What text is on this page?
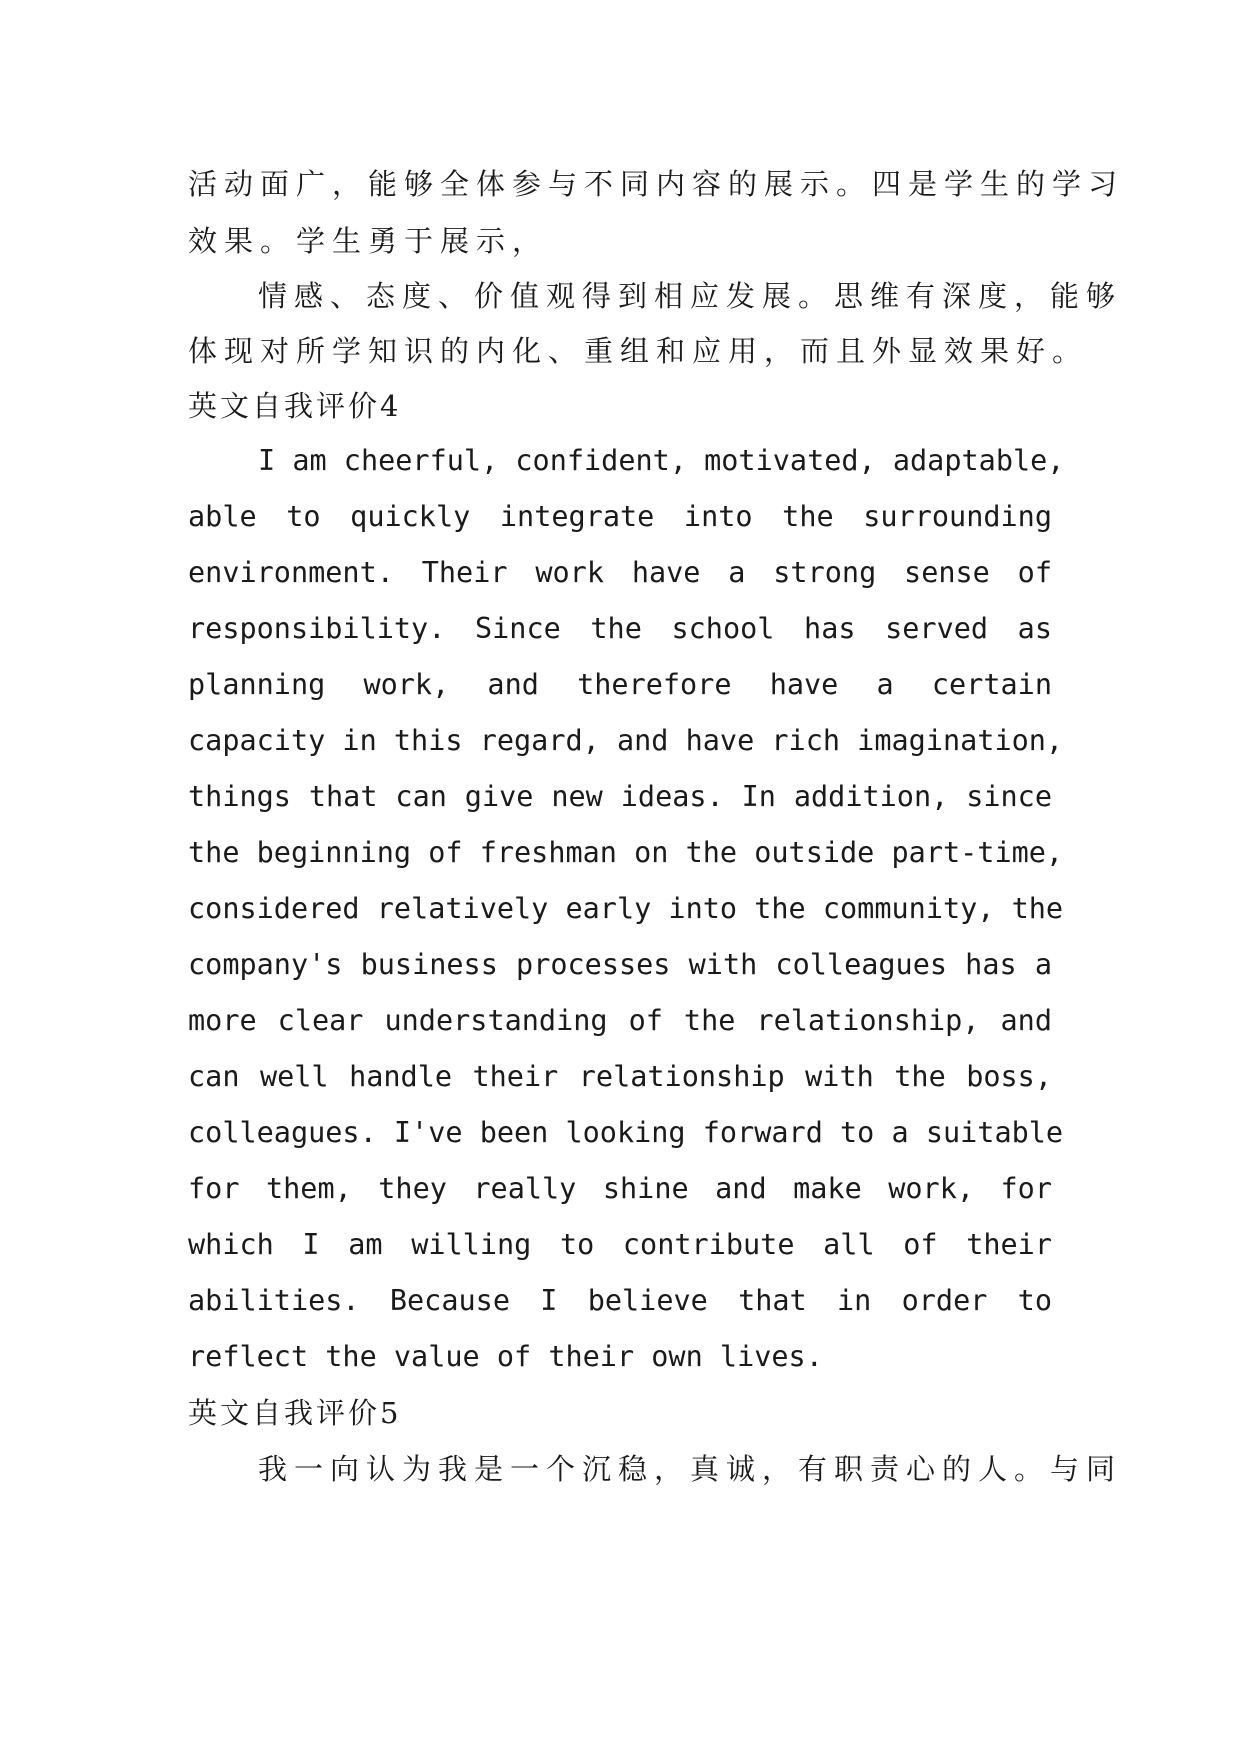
活动面广，能够全体参与不同内容的展示。四是学生的学习
效果。学生勇于展示，
情感、态度、价值观得到相应发展。思维有深度，能够
体现对所学知识的内化、重组和应用，而且外显效果好。
英文自我评价4
I am cheerful, confident, motivated, adaptable,
able to quickly integrate into the surrounding
environment. Their work have a strong sense of
responsibility. Since the school has served as
planning work, and therefore have a certain
capacity in this regard, and have rich imagination,
things that can give new ideas. In addition, since
the beginning of freshman on the outside part-time,
considered relatively early into the community, the
company's business processes with colleagues has a
more clear understanding of the relationship, and
can well handle their relationship with the boss,
colleagues. I've been looking forward to a suitable
for them, they really shine and make work, for
which I am willing to contribute all of their
abilities. Because I believe that in order to
reflect the value of their own lives.
英文自我评价5
我一向认为我是一个沉稳，真诚，有职责心的人。与同
